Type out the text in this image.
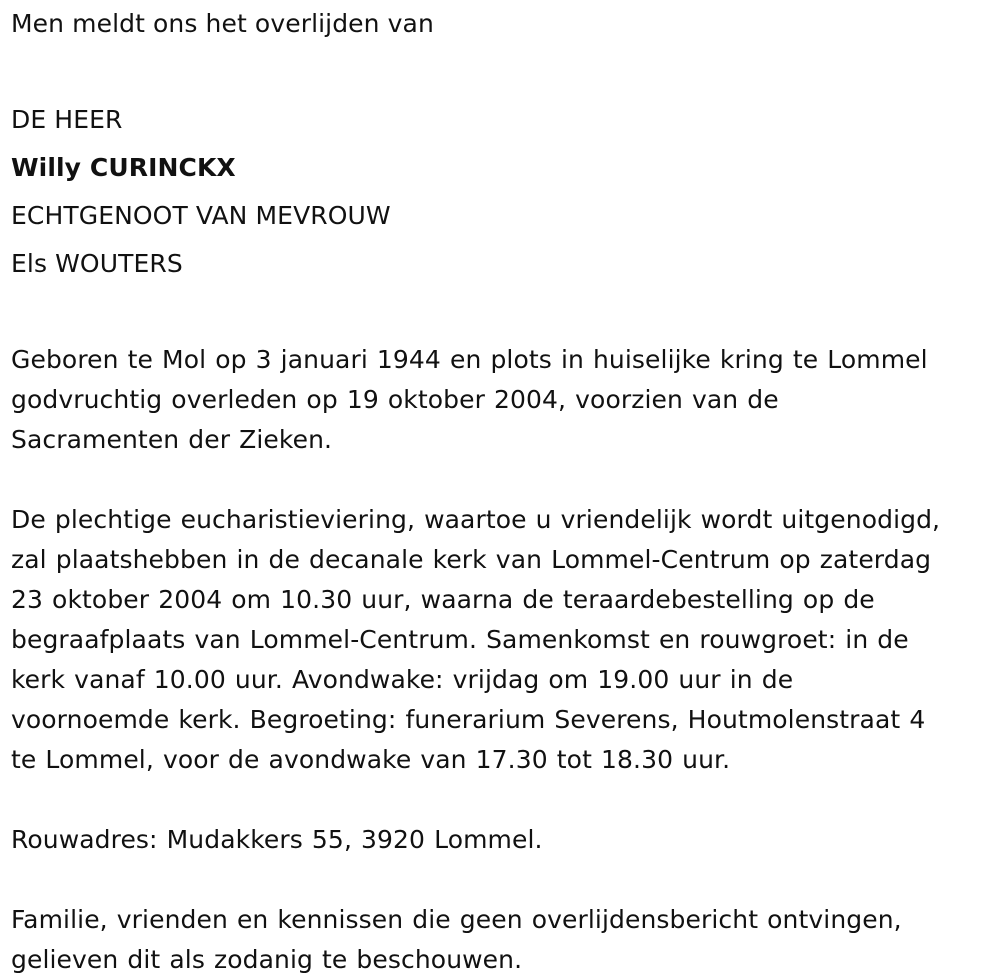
Men meldt ons het overlijden van
DE HEER
Willy CURINCKX
ECHTGENOOT VAN MEVROUW
Els WOUTERS
Geboren te Mol op 3 januari 1944 en plots in huiselijke kring te Lommel
godvruchtig overleden op 19 oktober 2004, voorzien van de
Sacramenten der Zieken.
De plechtige eucharistieviering, waartoe u vriendelijk wordt uitgenodigd,
zal plaatshebben in de decanale kerk van Lommel-Centrum op zaterdag
23 oktober 2004 om 10.30 uur, waarna de teraardebestelling op de
begraafplaats van Lommel-Centrum. Samenkomst en rouwgroet: in de
kerk vanaf 10.00 uur. Avondwake: vrijdag om 19.00 uur in de
voornoemde kerk. Begroeting: funerarium Severens, Houtmolenstraat 4
te Lommel, voor de avondwake van 17.30 tot 18.30 uur.
Rouwadres: Mudakkers 55, 3920 Lommel.
Familie, vrienden en kennissen die geen overlijdensbericht ontvingen,
gelieven dit als zodanig te beschouwen.
